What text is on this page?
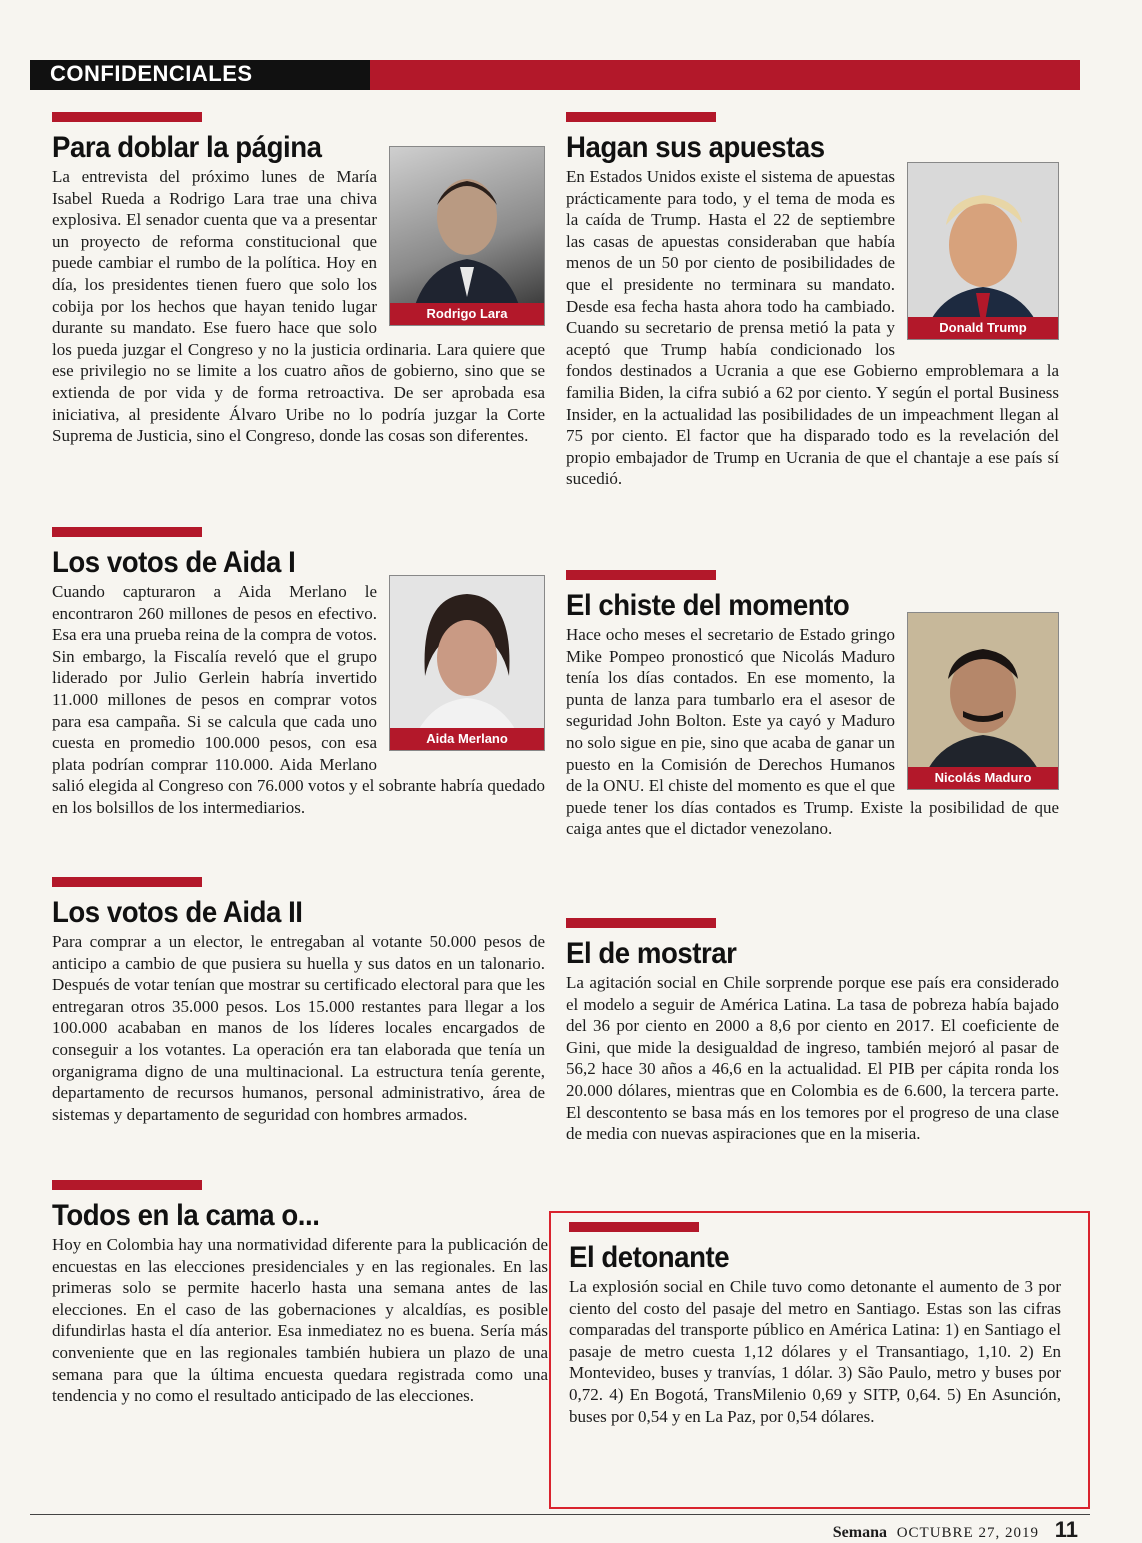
CONFIDENCIALES
Para doblar la página
Rodrigo Lara

La entrevista del próximo lunes de María Isabel Rueda a Rodrigo Lara trae una chiva explosiva. El senador cuenta que va a presentar un proyecto de reforma constitucional que puede cambiar el rumbo de la política. Hoy en día, los presidentes tienen fuero que solo los cobija por los hechos que hayan tenido lugar durante su mandato. Ese fuero hace que solo los pueda juzgar el Congreso y no la justicia ordinaria. Lara quiere que ese privilegio no se limite a los cuatro años de gobierno, sino que se extienda de por vida y de forma retroactiva. De ser aprobada esa iniciativa, al presidente Álvaro Uribe no lo podría juzgar la Corte Suprema de Justicia, sino el Congreso, donde las cosas son diferentes.

Hagan sus apuestas
Donald Trump

En Estados Unidos existe el sistema de apuestas prácticamente para todo, y el tema de moda es la caída de Trump. Hasta el 22 de septiembre las casas de apuestas consideraban que había menos de un 50 por ciento de posibilidades de que el presidente no terminara su mandato. Desde esa fecha hasta ahora todo ha cambiado. Cuando su secretario de prensa metió la pata y aceptó que Trump había condicionado los fondos destinados a Ucrania a que ese Gobierno emproblemara a la familia Biden, la cifra subió a 62 por ciento. Y según el portal Business Insider, en la actualidad las posibilidades de un impeachment llegan al 75 por ciento. El factor que ha disparado todo es la revelación del propio embajador de Trump en Ucrania de que el chantaje a ese país sí sucedió.

Los votos de Aida I
Aida Merlano

Cuando capturaron a Aida Merlano le encontraron 260 millones de pesos en efectivo. Esa era una prueba reina de la compra de votos. Sin embargo, la Fiscalía reveló que el grupo liderado por Julio Gerlein habría invertido 11.000 millones de pesos en comprar votos para esa campaña. Si se calcula que cada uno cuesta en promedio 100.000 pesos, con esa plata podrían comprar 110.000. Aida Merlano salió elegida al Congreso con 76.000 votos y el sobrante habría quedado en los bolsillos de los intermediarios.

El chiste del momento
Nicolás Maduro

Hace ocho meses el secretario de Estado gringo Mike Pompeo pronosticó que Nicolás Maduro tenía los días contados. En ese momento, la punta de lanza para tumbarlo era el asesor de seguridad John Bolton. Este ya cayó y Maduro no solo sigue en pie, sino que acaba de ganar un puesto en la Comisión de Derechos Humanos de la ONU. El chiste del momento es que el que puede tener los días contados es Trump. Existe la posibilidad de que caiga antes que el dictador venezolano.

Los votos de Aida II

Para comprar a un elector, le entregaban al votante 50.000 pesos de anticipo a cambio de que pusiera su huella y sus datos en un talonario. Después de votar tenían que mostrar su certificado electoral para que les entregaran otros 35.000 pesos. Los 15.000 restantes para llegar a los 100.000 acababan en manos de los líderes locales encargados de conseguir a los votantes. La operación era tan elaborada que tenía un organigrama digno de una multinacional. La estructura tenía gerente, departamento de recursos humanos, personal administrativo, área de sistemas y departamento de seguridad con hombres armados.

El de mostrar

La agitación social en Chile sorprende porque ese país era considerado el modelo a seguir de América Latina. La tasa de pobreza había bajado del 36 por ciento en 2000 a 8,6 por ciento en 2017. El coeficiente de Gini, que mide la desigualdad de ingreso, también mejoró al pasar de 56,2 hace 30 años a 46,6 en la actualidad. El PIB per cápita ronda los 20.000 dólares, mientras que en Colombia es de 6.600, la tercera parte. El descontento se basa más en los temores por el progreso de una clase de media con nuevas aspiraciones que en la miseria.

Todos en la cama o...

Hoy en Colombia hay una normatividad diferente para la publicación de encuestas en las elecciones presidenciales y en las regionales. En las primeras solo se permite hacerlo hasta una semana antes de las elecciones. En el caso de las gobernaciones y alcaldías, es posible difundirlas hasta el día anterior. Esa inmediatez no es buena. Sería más conveniente que en las regionales también hubiera un plazo de una semana para que la última encuesta quedara registrada como una tendencia y no como el resultado anticipado de las elecciones.

El detonante

La explosión social en Chile tuvo como detonante el aumento de 3 por ciento del costo del pasaje del metro en Santiago. Estas son las cifras comparadas del transporte público en América Latina: 1) en Santiago el pasaje de metro cuesta 1,12 dólares y el Transantiago, 1,10. 2) En Montevideo, buses y tranvías, 1 dólar. 3) São Paulo, metro y buses por 0,72. 4) En Bogotá, TransMilenio 0,69 y SITP, 0,64. 5) En Asunción, buses por 0,54 y en La Paz, por 0,54 dólares.

Semana OCTUBRE 27, 2019 11
